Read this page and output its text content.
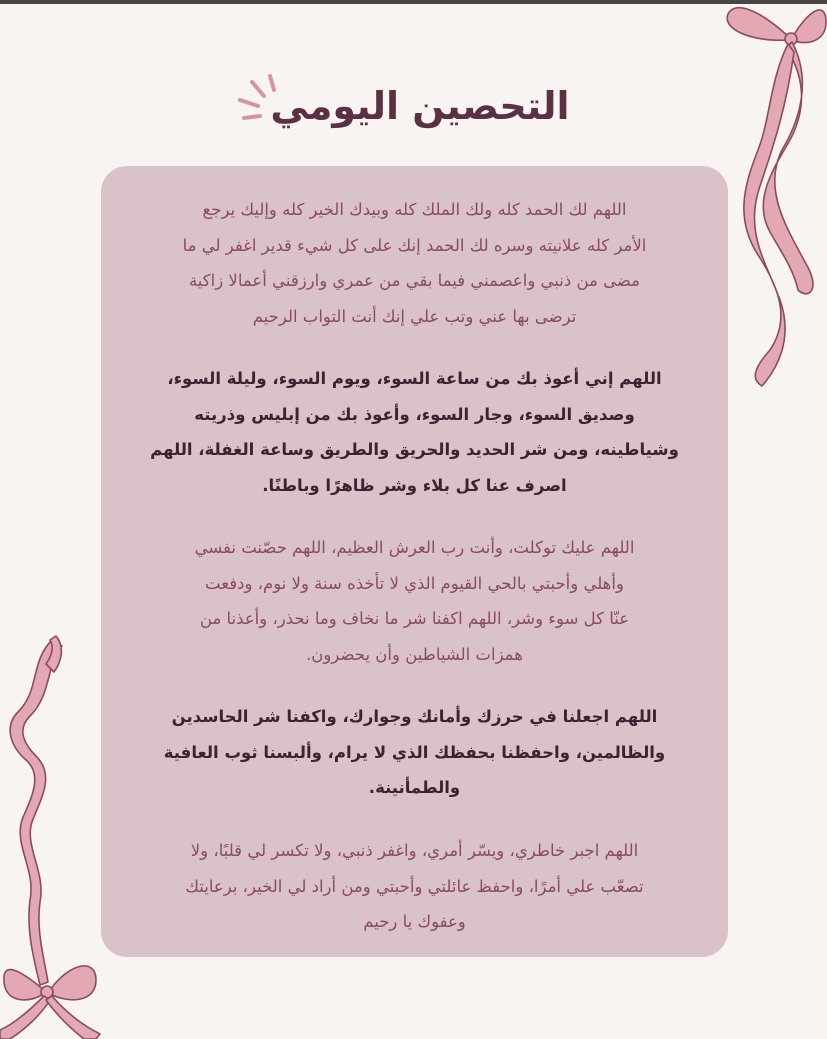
التحصين اليومي

اللهم لك الحمد كله ولك الملك كله وبيدك الخير كله وإليك يرجع
الأمر كله علانيته وسره لك الحمد إنك على كل شيء قدير اغفر لي ما
مضى من ذنبي واعصمني فيما بقي من عمري وارزقني أعمالا زاكية
ترضى بها عني وتب علي إنك أنت التواب الرحيم

اللهم إني أعوذ بك من ساعة السوء، ويوم السوء، وليلة السوء،
وصديق السوء، وجار السوء، وأعوذ بك من إبليس وذريته
وشياطينه، ومن شر الحديد والحريق والطريق وساعة الغفلة، اللهم
اصرف عنا كل بلاء وشر ظاهرًا وباطنًا.

اللهم عليك توكلت، وأنت رب العرش العظيم، اللهم حصّنت نفسي
وأهلي وأحبتي بالحي القيوم الذي لا تأخذه سنة ولا نوم، ودفعت
عنّا كل سوء وشر، اللهم اكفنا شر ما نخاف وما نحذر، وأعذنا من
همزات الشياطين وأن يحضرون.

اللهم اجعلنا في حرزك وأمانك وجوارك، واكفنا شر الحاسدين
والظالمين، واحفظنا بحفظك الذي لا يرام، وألبسنا ثوب العافية
والطمأنينة.

اللهم اجبر خاطري، ويسّر أمري، واغفر ذنبي، ولا تكسر لي قلبًا، ولا
تصعّب علي أمرًا، واحفظ عائلتي وأحبتي ومن أراد لي الخير، برعايتك
وعفوك يا رحيم
